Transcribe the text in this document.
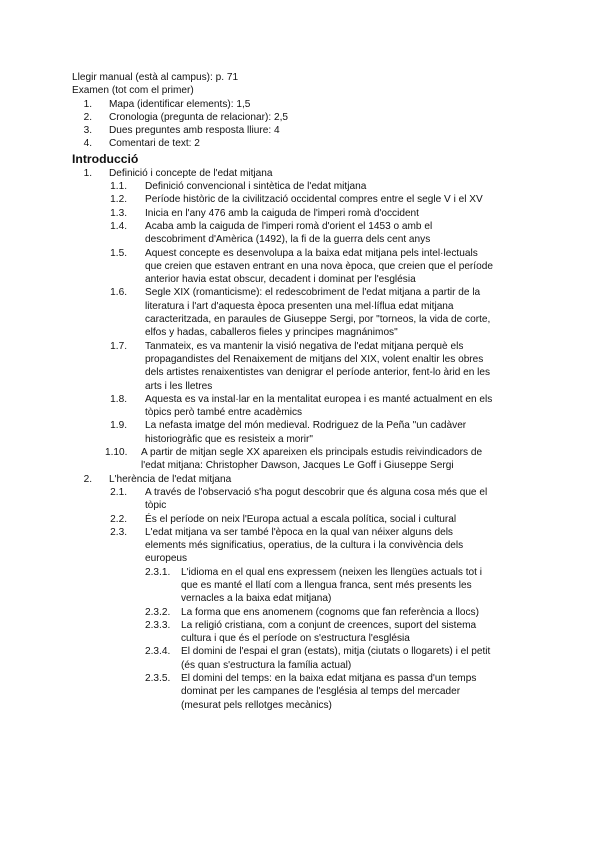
Llegir manual (està al campus): p. 71
Examen (tot com el primer)
1.	Mapa (identificar elements): 1,5
2.	Cronologia (pregunta de relacionar): 2,5
3.	Dues preguntes amb resposta lliure: 4
4.	Comentari de text: 2
Introducció
1.	Definició i concepte de l'edat mitjana
1.1.	Definició convencional i sintètica de l'edat mitjana
1.2.	Període històric de la civilització occidental compres entre el segle V i el XV
1.3.	Inicia en l'any 476 amb la caiguda de l'imperi romà d'occident
1.4.	Acaba amb la caiguda de l'imperi romà d'orient el 1453 o amb el
descobriment d'Amèrica (1492), la fi de la guerra dels cent anys
1.5.	Aquest concepte es desenvolupa a la baixa edat mitjana pels intel·lectuals
que creien que estaven entrant en una nova època, que creien que el període
anterior havia estat obscur, decadent i dominat per l'església
1.6.	Segle XIX (romanticisme): el redescobriment de l'edat mitjana a partir de la
literatura i l'art d'aquesta època presenten una mel·líflua edat mitjana
caracteritzada, en paraules de Giuseppe Sergi, por "torneos, la vida de corte,
elfos y hadas, caballeros fieles y principes magnánimos"
1.7.	Tanmateix, es va mantenir la visió negativa de l'edat mitjana perquè els
propagandistes del Renaixement de mitjans del XIX, volent enaltir les obres
dels artistes renaixentistes van denigrar el període anterior, fent-lo àrid en les
arts i les lletres
1.8.	Aquesta es va instal·lar en la mentalitat europea i es manté actualment en els
tòpics però també entre acadèmics
1.9.	La nefasta imatge del món medieval. Rodriguez de la Peña "un cadàver
historiogràfic que es resisteix a morir"
1.10.	A partir de mitjan segle XX apareixen els principals estudis reivindicadors de
l'edat mitjana: Christopher Dawson, Jacques Le Goff i Giuseppe Sergi
2.	L'herència de l'edat mitjana
2.1.	A través de l'observació s'ha pogut descobrir que és alguna cosa més que el
tòpic
2.2.	És el període on neix l'Europa actual a escala política, social i cultural
2.3.	L'edat mitjana va ser també l'època en la qual van néixer alguns dels
elements més significatius, operatius, de la cultura i la convivència dels
europeus
2.3.1.	L'idioma en el qual ens expressem (neixen les llengües actuals tot i
que es manté el llatí com a llengua franca, sent més presents les
vernacles a la baixa edat mitjana)
2.3.2.	La forma que ens anomenem (cognoms que fan referència a llocs)
2.3.3.	La religió cristiana, com a conjunt de creences, suport del sistema
cultura i que és el període on s'estructura l'església
2.3.4.	El domini de l'espai el gran (estats), mitja (ciutats o llogarets) i el petit
(és quan s'estructura la família actual)
2.3.5.	El domini del temps: en la baixa edat mitjana es passa d'un temps
dominat per les campanes de l'església al temps del mercader
(mesurat pels rellotges mecànics)
